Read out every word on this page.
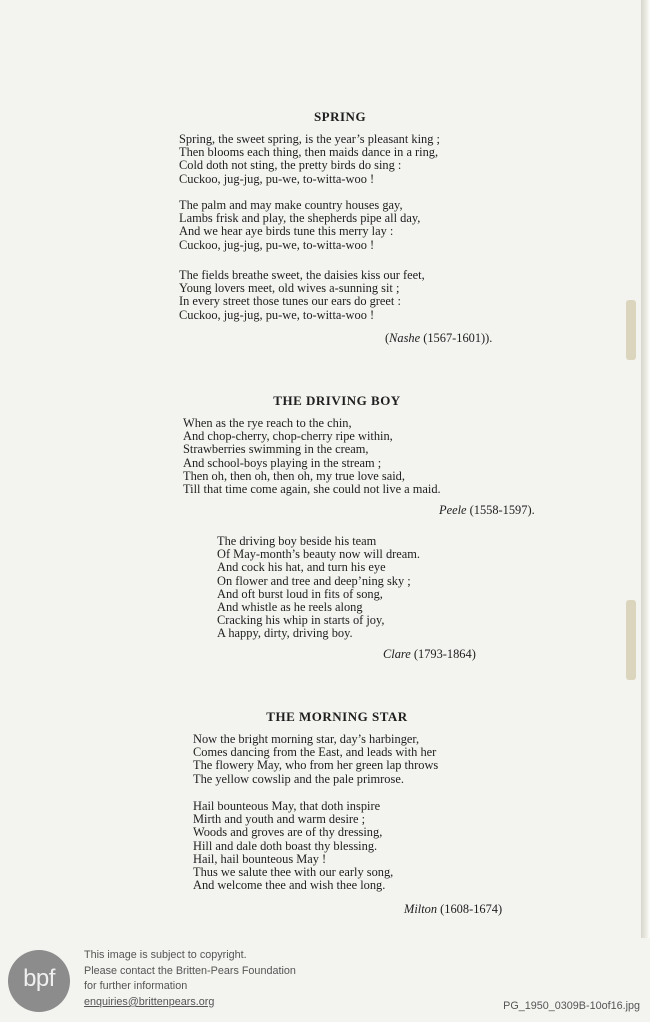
SPRING
Spring, the sweet spring, is the year’s pleasant king ;
Then blooms each thing, then maids dance in a ring,
Cold doth not sting, the pretty birds do sing :
Cuckoo, jug-jug, pu-we, to-witta-woo !
The palm and may make country houses gay,
Lambs frisk and play, the shepherds pipe all day,
And we hear aye birds tune this merry lay :
Cuckoo, jug-jug, pu-we, to-witta-woo !
The fields breathe sweet, the daisies kiss our feet,
Young lovers meet, old wives a-sunning sit ;
In every street those tunes our ears do greet :
Cuckoo, jug-jug, pu-we, to-witta-woo !
(Nashe (1567-1601)).
THE DRIVING BOY
When as the rye reach to the chin,
And chop-cherry, chop-cherry ripe within,
Strawberries swimming in the cream,
And school-boys playing in the stream ;
Then oh, then oh, then oh, my true love said,
Till that time come again, she could not live a maid.
Peele (1558-1597).
The driving boy beside his team
Of May-month’s beauty now will dream.
And cock his hat, and turn his eye
On flower and tree and deep’ning sky ;
And oft burst loud in fits of song,
And whistle as he reels along
Cracking his whip in starts of joy,
A happy, dirty, driving boy.
Clare (1793-1864)
THE MORNING STAR
Now the bright morning star, day’s harbinger,
Comes dancing from the East, and leads with her
The flowery May, who from her green lap throws
The yellow cowslip and the pale primrose.
Hail bounteous May, that doth inspire
Mirth and youth and warm desire ;
Woods and groves are of thy dressing,
Hill and dale doth boast thy blessing.
Hail, hail bounteous May !
Thus we salute thee with our early song,
And welcome thee and wish thee long.
Milton (1608-1674)
bpf
This image is subject to copyright.
Please contact the Britten-Pears Foundation
for further information
enquiries@brittenpears.org	PG_1950_0309B-10of16.jpg
